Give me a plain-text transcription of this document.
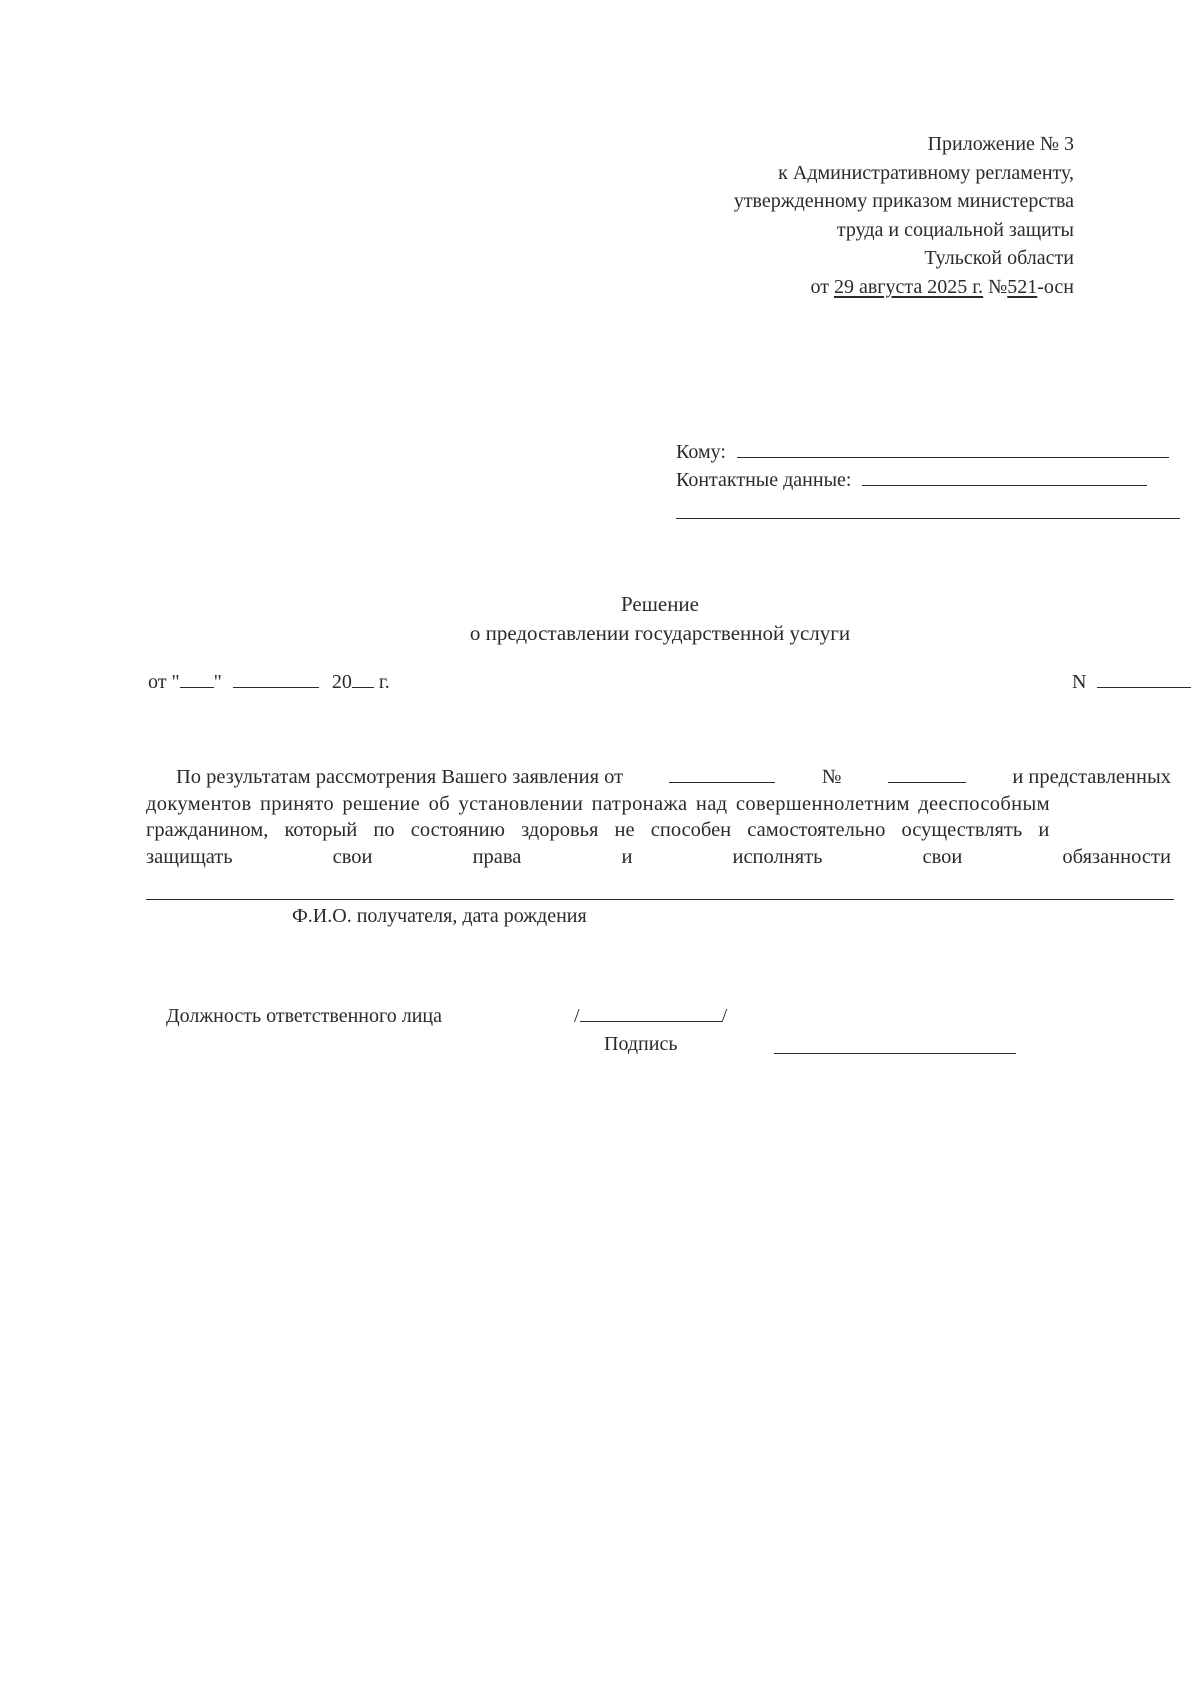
Приложение № 3
к Административному регламенту,
утвержденному приказом министерства
труда и социальной защиты
Тульской области
от 29 августа 2025 г. №521-осн
Кому:
Контактные данные:
Решение
о предоставлении государственной услуги
от " "	20 г.	N
По результатам рассмотрения Вашего заявления от	№	и представленных
документов принято решение об установлении патронажа над совершеннолетним дееспособным
гражданином, который по состоянию здоровья не способен самостоятельно осуществлять и
защищать	свои	права	и	исполнять	свои	обязанности
Ф.И.О. получателя, дата рождения
Должность ответственного лица	/	/
Подпись
